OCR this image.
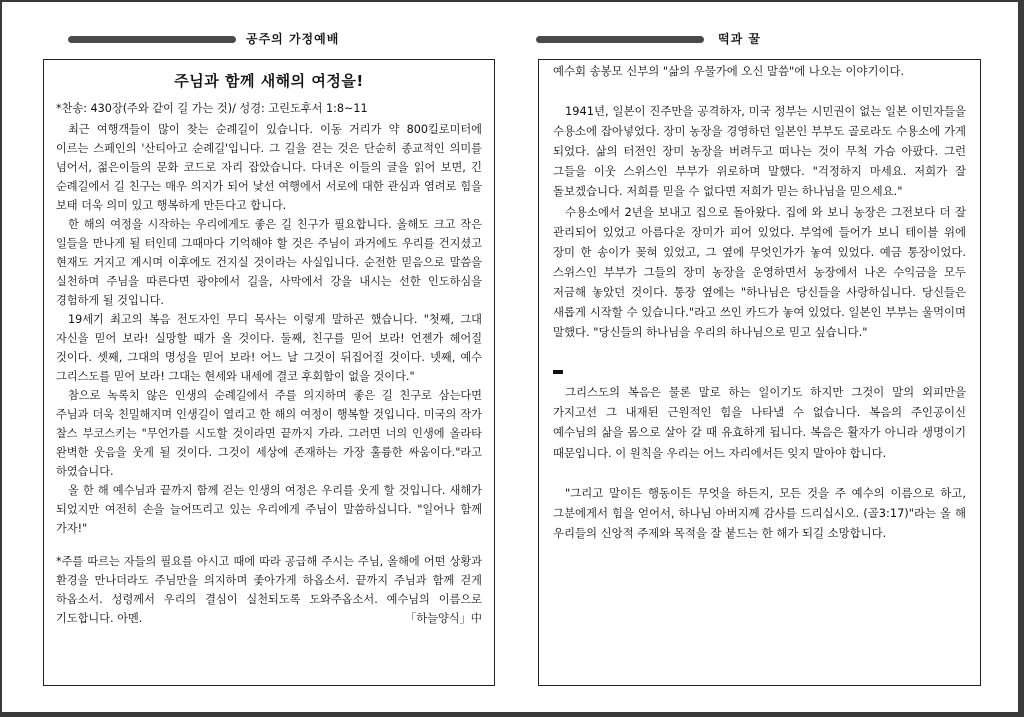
공주의 가정예배	떡과 꿀
주님과 함께 새해의 여정을!

*찬송: 430장(주와 같이 길 가는 것)/ 성경: 고린도후서 1:8~11

최근 여행객들이 많이 찾는 순례길이 있습니다. 이동 거리가 약 800킬로미터에 이르는 스페인의 '산티아고 순례길'입니다. 그 길을 걷는 것은 단순히 종교적인 의미를 넘어서, 젊은이들의 문화 코드로 자리 잡았습니다. 다녀온 이들의 글을 읽어 보면, 긴 순례길에서 길 친구는 매우 의지가 되어 낯선 여행에서 서로에 대한 관심과 염려로 힘을 보태 더욱 의미 있고 행복하게 만든다고 합니다.

한 해의 여정을 시작하는 우리에게도 좋은 길 친구가 필요합니다. 올해도 크고 작은 일들을 만나게 될 터인데 그때마다 기억해야 할 것은 주님이 과거에도 우리를 건지셨고 현재도 거지고 계시며 이후에도 건지실 것이라는 사실입니다. 순전한 믿음으로 말씀을 실천하며 주님을 따른다면 광야에서 길을, 사막에서 강을 내시는 선한 인도하심을 경험하게 될 것입니다.

19세기 최고의 복음 전도자인 무디 목사는 이렇게 말하곤 했습니다. "첫째, 그대 자신을 믿어 보라! 실망할 때가 올 것이다. 둘째, 친구를 믿어 보라! 언젠가 헤어질 것이다. 셋째, 그대의 명성을 믿어 보라! 어느 날 그것이 뒤집어질 것이다. 넷째, 예수 그리스도를 믿어 보라! 그대는 현세와 내세에 결코 후회함이 없을 것이다."

참으로 녹록치 않은 인생의 순례길에서 주를 의지하며 좋은 길 친구로 삼는다면 주님과 더욱 친밀해지며 인생길이 열리고 한 해의 여정이 행복할 것입니다. 미국의 작가 찰스 부코스키는 "무언가를 시도할 것이라면 끝까지 가라. 그러면 너의 인생에 올라타 완벽한 웃음을 웃게 될 것이다. 그것이 세상에 존재하는 가장 훌륭한 싸움이다."라고 하였습니다.

올 한 해 예수님과 끝까지 함께 걷는 인생의 여정은 우리를 웃게 할 것입니다. 새해가 되었지만 여전히 손을 늘어뜨리고 있는 우리에게 주님이 말씀하십니다. "일어나 함께 가자!"

*주를 따르는 자들의 필요를 아시고 때에 따라 공급해 주시는 주님, 올해에 어떤 상황과 환경을 만나더라도 주님만을 의지하며 좇아가게 하옵소서. 끝까지 주님과 함께 걷게 하옵소서. 성령께서 우리의 결심이 실천되도록 도와주옵소서. 예수님의 이름으로 기도합니다. 아멘.	「하늘양식」中

예수회 송봉모 신부의 "삶의 우물가에 오신 말씀"에 나오는 이야기이다.

1941년, 일본이 진주만을 공격하자, 미국 정부는 시민권이 없는 일본 이민자들을 수용소에 잡아넣었다. 장미 농장을 경영하던 일본인 부부도 골로라도 수용소에 가게 되었다. 삶의 터전인 장미 농장을 버려두고 떠나는 것이 무척 가슴 아팠다. 그런 그들을 이웃 스위스인 부부가 위로하며 말했다. "걱정하지 마세요. 저희가 잘 돌보겠습니다. 저희를 믿을 수 없다면 저희가 믿는 하나님을 믿으세요."

수용소에서 2년을 보내고 집으로 돌아왔다. 집에 와 보니 농장은 그전보다 더 잘 관리되어 있었고 아름다운 장미가 피어 있었다. 부엌에 들어가 보니 테이블 위에 장미 한 송이가 꽂혀 있었고, 그 옆에 무엇인가가 놓여 있었다. 예금 통장이었다. 스위스인 부부가 그들의 장미 농장을 운영하면서 농장에서 나온 수익금을 모두 저금해 놓았던 것이다. 통장 옆에는 "하나님은 당신들을 사랑하십니다. 당신들은 새롭게 시작할 수 있습니다."라고 쓰인 카드가 놓여 있었다. 일본인 부부는 울먹이며 말했다. "당신들의 하나님을 우리의 하나님으로 믿고 싶습니다."

그리스도의 복음은 물론 말로 하는 일이기도 하지만 그것이 말의 외피만을 가지고선 그 내재된 근원적인 힘을 나타낼 수 없습니다. 복음의 주인공이신 예수님의 삶을 몸으로 살아 갈 때 유효하게 됩니다. 복음은 활자가 아니라 생명이기 때문입니다. 이 원칙을 우리는 어느 자리에서든 잊지 말아야 합니다.

"그리고 말이든 행동이든 무엇을 하든지, 모든 것을 주 예수의 이름으로 하고, 그분에게서 힘을 얻어서, 하나님 아버지께 감사를 드리십시오. (골3:17)"라는 올 해 우리들의 신앙적 주제와 목적을 잘 붙드는 한 해가 되길 소망합니다.
